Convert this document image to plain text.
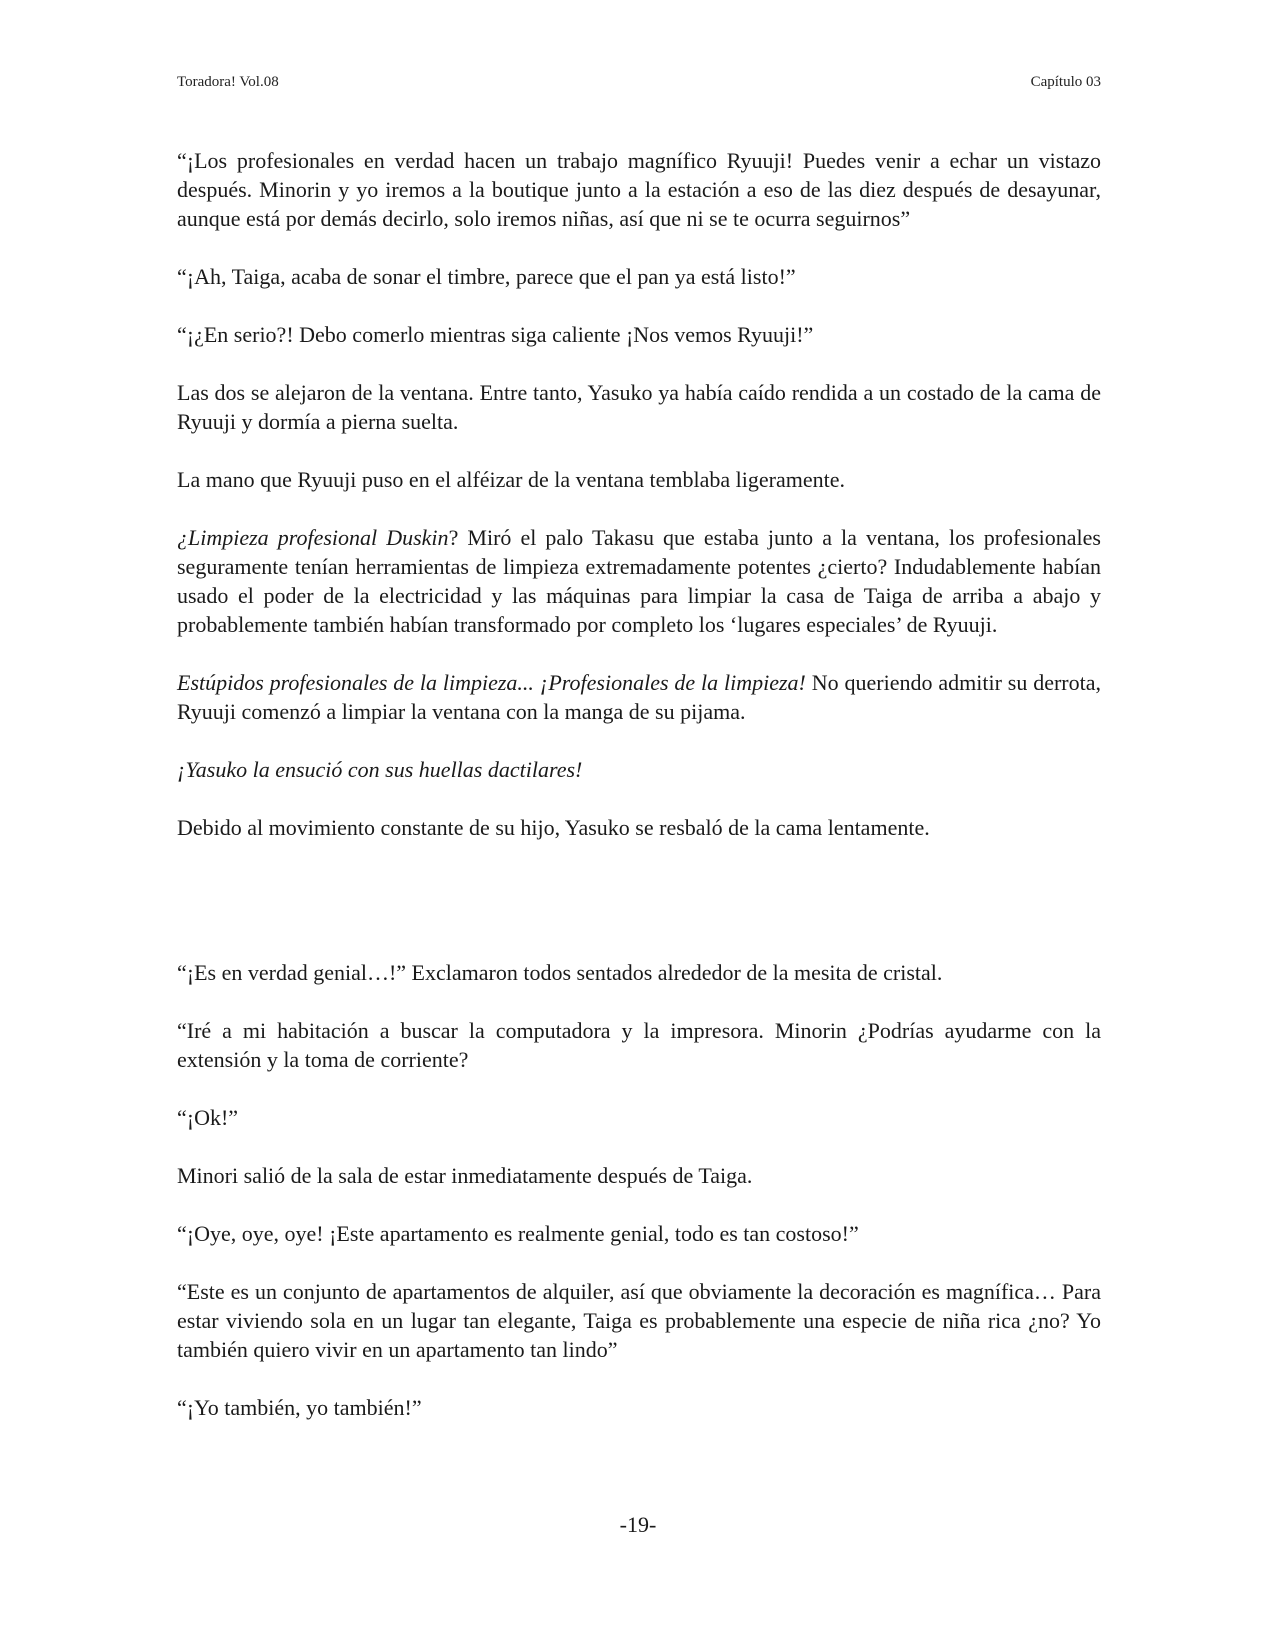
Toradora! Vol.08	Capítulo 03

“¡Los profesionales en verdad hacen un trabajo magnífico Ryuuji! Puedes venir a echar un vistazo después. Minorin y yo iremos a la boutique junto a la estación a eso de las diez después de desayunar, aunque está por demás decirlo, solo iremos niñas, así que ni se te ocurra seguirnos”

“¡Ah, Taiga, acaba de sonar el timbre, parece que el pan ya está listo!”

“¡¿En serio?! Debo comerlo mientras siga caliente ¡Nos vemos Ryuuji!”

Las dos se alejaron de la ventana. Entre tanto, Yasuko ya había caído rendida a un costado de la cama de Ryuuji y dormía a pierna suelta.

La mano que Ryuuji puso en el alféizar de la ventana temblaba ligeramente.

¿Limpieza profesional Duskin? Miró el palo Takasu que estaba junto a la ventana, los profesionales seguramente tenían herramientas de limpieza extremadamente potentes ¿cierto? Indudablemente habían usado el poder de la electricidad y las máquinas para limpiar la casa de Taiga de arriba a abajo y probablemente también habían transformado por completo los ‘lugares especiales’ de Ryuuji.

Estúpidos profesionales de la limpieza... ¡Profesionales de la limpieza! No queriendo admitir su derrota, Ryuuji comenzó a limpiar la ventana con la manga de su pijama.

¡Yasuko la ensució con sus huellas dactilares!

Debido al movimiento constante de su hijo, Yasuko se resbaló de la cama lentamente.

“¡Es en verdad genial…!” Exclamaron todos sentados alrededor de la mesita de cristal.

“Iré a mi habitación a buscar la computadora y la impresora. Minorin ¿Podrías ayudarme con la extensión y la toma de corriente?

“¡Ok!”

Minori salió de la sala de estar inmediatamente después de Taiga.

“¡Oye, oye, oye! ¡Este apartamento es realmente genial, todo es tan costoso!”

“Este es un conjunto de apartamentos de alquiler, así que obviamente la decoración es magnífica… Para estar viviendo sola en un lugar tan elegante, Taiga es probablemente una especie de niña rica ¿no? Yo también quiero vivir en un apartamento tan lindo”

“¡Yo también, yo también!”

-19-
